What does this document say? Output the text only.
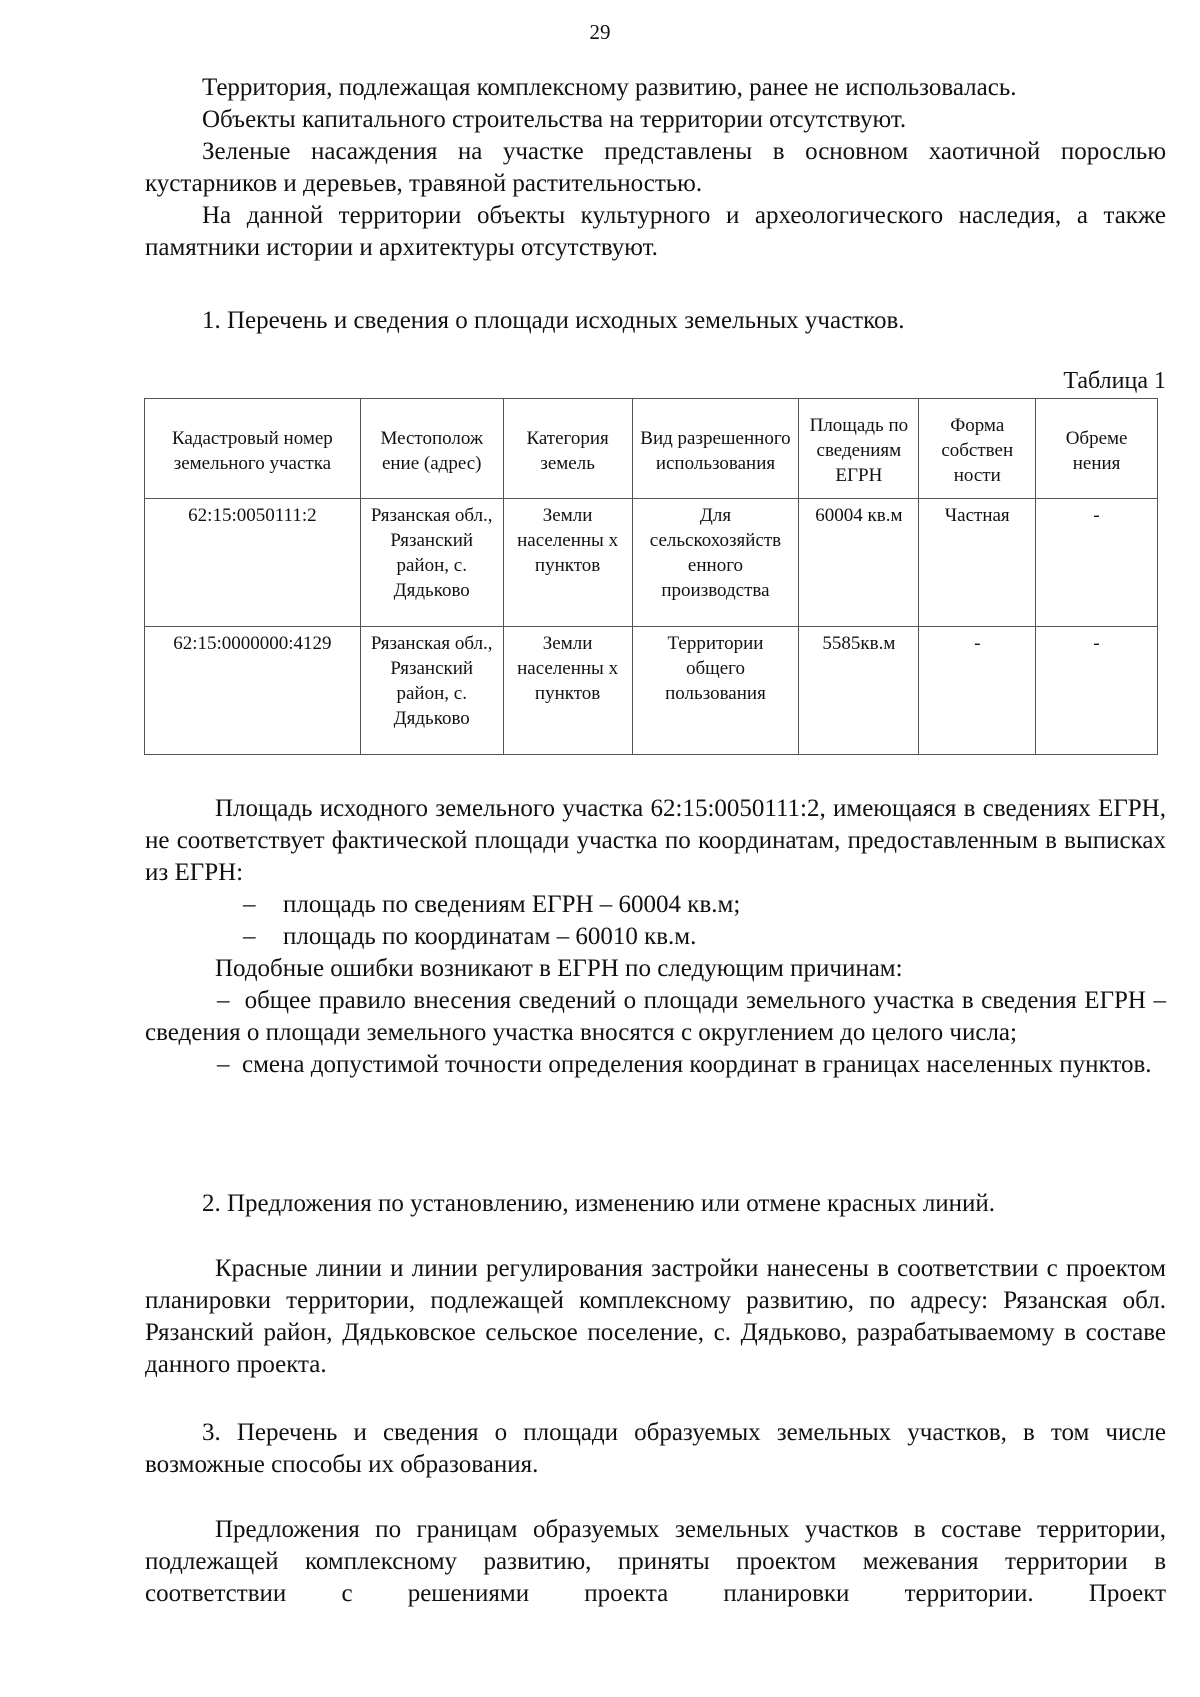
29

Территория, подлежащая комплексному развитию, ранее не использовалась.

Объекты капитального строительства на территории отсутствуют.

Зеленые насаждения на участке представлены в основном хаотичной порослью кустарников и деревьев, травяной растительностью.

На данной территории объекты культурного и археологического наследия, а также памятники истории и архитектуры отсутствуют.

1. Перечень и сведения о площади исходных земельных участков.

Таблица 1
Кадастровый номер земельного участка	Местополож ение (адрес)	Категория земель	Вид разрешенного использования	Площадь по сведениям ЕГРН	Форма собствен ности	Обреме нения
62:15:0050111:2	Рязанская обл., Рязанский район, с. Дядьково	Земли населенны х пунктов	Для сельскохозяйств енного производства	60004 кв.м	Частная	-
62:15:0000000:4129	Рязанская обл., Рязанский район, с. Дядьково	Земли населенны х пунктов	Территории общего пользования	5585кв.м	-	-

Площадь исходного земельного участка 62:15:0050111:2, имеющаяся в сведениях ЕГРН, не соответствует фактической площади участка по координатам, предоставленным в выписках из ЕГРН:

–	площадь по сведениям ЕГРН – 60004 кв.м;

–	площадь по координатам – 60010 кв.м.

Подобные ошибки возникают в ЕГРН по следующим причинам:

–  общее правило внесения сведений о площади земельного участка в сведения ЕГРН – сведения о площади земельного участка вносятся с округлением до целого числа;

–  смена допустимой точности определения координат в границах населенных пунктов.

2. Предложения по установлению, изменению или отмене красных линий.

Красные линии и линии регулирования застройки нанесены в соответствии с проектом планировки территории, подлежащей комплексному развитию, по адресу: Рязанская обл. Рязанский район, Дядьковское сельское поселение, с. Дядьково, разрабатываемому в составе данного проекта.

3. Перечень и сведения о площади образуемых земельных участков, в том числе возможные способы их образования.

Предложения по границам образуемых земельных участков в составе территории, подлежащей комплексному развитию, приняты проектом межевания территории в соответствии с решениями проекта планировки территории. Проект
